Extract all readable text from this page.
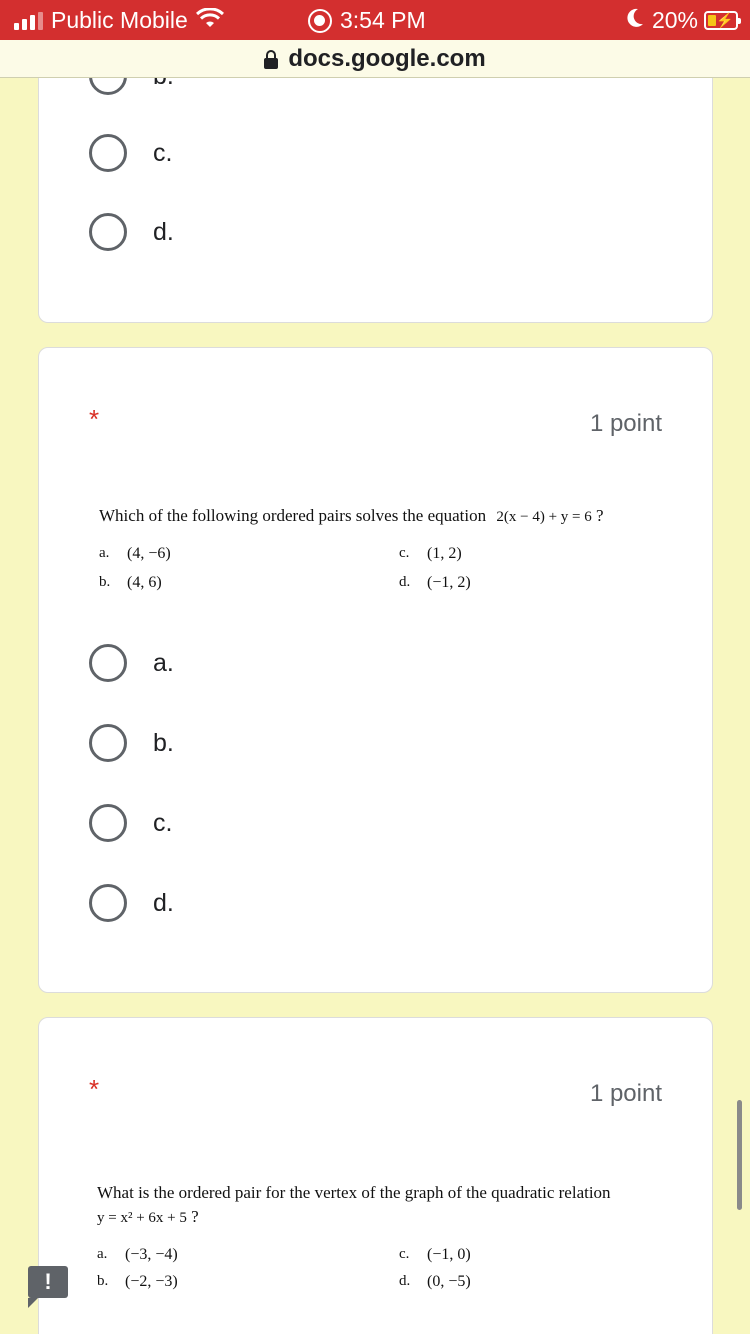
Public Mobile	3:54 PM	20% ⚡
docs.google.com
c.
d.
*	1 point
Which of the following ordered pairs solves the equation 2(x − 4) + y = 6 ?
a.	(4, −6)
b.	(4, 6)
c.	(1, 2)
d.	(−1, 2)
a.
b.
c.
d.
*	1 point
What is the ordered pair for the vertex of the graph of the quadratic relation
y = x² + 6x + 5 ?
a.	(−3, −4)
b.	(−2, −3)
c.	(−1, 0)
d.	(0, −5)
!
